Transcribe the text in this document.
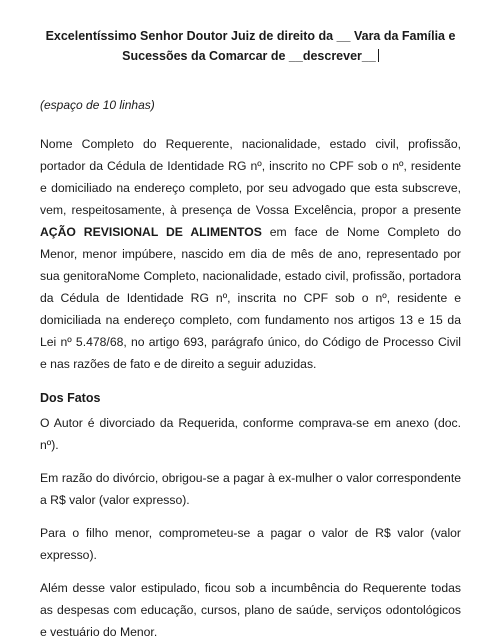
Excelentíssimo Senhor Doutor Juiz de direito da __ Vara da Família e
Sucessões da Comarcar de __descrever__

(espaço de 10 linhas)

Nome Completo do Requerente, nacionalidade, estado civil, profissão, portador da Cédula de Identidade RG nº, inscrito no CPF sob o nº, residente e domiciliado na endereço completo, por seu advogado que esta subscreve, vem, respeitosamente, à presença de Vossa Excelência, propor a presente AÇÃO REVISIONAL DE ALIMENTOS em face de Nome Completo do Menor, menor impúbere, nascido em dia de mês de ano, representado por sua genitoraNome Completo, nacionalidade, estado civil, profissão, portadora da Cédula de Identidade RG nº, inscrita no CPF sob o nº, residente e domiciliada na endereço completo, com fundamento nos artigos 13 e 15 da Lei nº 5.478/68, no artigo 693, parágrafo único, do Código de Processo Civil e nas razões de fato e de direito a seguir aduzidas.

Dos Fatos

O Autor é divorciado da Requerida, conforme comprava-se em anexo (doc. nº).

Em razão do divórcio, obrigou-se a pagar à ex-mulher o valor correspondente a R$ valor (valor expresso).

Para o filho menor, comprometeu-se a pagar o valor de R$ valor (valor expresso).

Além desse valor estipulado, ficou sob a incumbência do Requerente todas as despesas com educação, cursos, plano de saúde, serviços odontológicos e vestuário do Menor.
